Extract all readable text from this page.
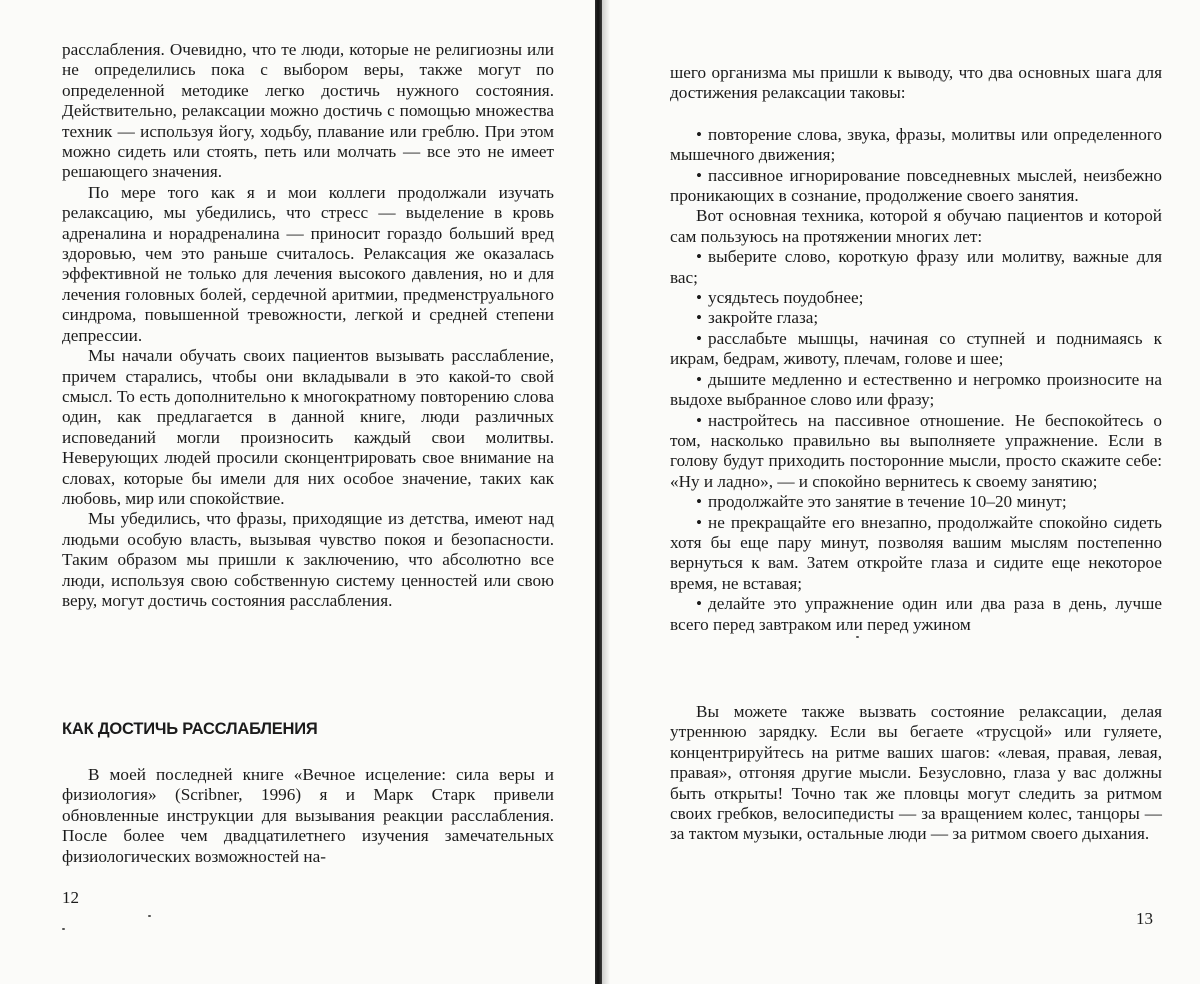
расслабления. Очевидно, что те люди, которые не религиозны или не определились пока с выбором веры, также могут по определенной методике легко достичь нужного состояния. Действительно, релаксации можно достичь с помощью множества техник — используя йогу, ходьбу, плавание или греблю. При этом можно сидеть или стоять, петь или молчать — все это не имеет решающего значения.

По мере того как я и мои коллеги продолжали изучать релаксацию, мы убедились, что стресс — выделение в кровь адреналина и норадреналина — приносит гораздо больший вред здоровью, чем это раньше считалось. Релаксация же оказалась эффективной не только для лечения высокого давления, но и для лечения головных болей, сердечной аритмии, предменструального синдрома, повышенной тревожности, легкой и средней степени депрессии.

Мы начали обучать своих пациентов вызывать расслабление, причем старались, чтобы они вкладывали в это какой-то свой смысл. То есть дополнительно к многократному повторению слова один, как предлагается в данной книге, люди различных исповеданий могли произносить каждый свои молитвы. Неверующих людей просили сконцентрировать свое внимание на словах, которые бы имели для них особое значение, таких как любовь, мир или спокойствие.

Мы убедились, что фразы, приходящие из детства, имеют над людьми особую власть, вызывая чувство покоя и безопасности. Таким образом мы пришли к заключению, что абсолютно все люди, используя свою собственную систему ценностей или свою веру, могут достичь состояния расслабления.

КАК ДОСТИЧЬ РАССЛАБЛЕНИЯ

В моей последней книге «Вечное исцеление: сила веры и физиология» (Scribner, 1996) я и Марк Старк привели обновленные инструкции для вызывания реакции расслабления. После более чем двадцатилетнего изучения замечательных физиологических возможностей на-

12

шего организма мы пришли к выводу, что два основных шага для достижения релаксации таковы:

• повторение слова, звука, фразы, молитвы или определенного мышечного движения;
• пассивное игнорирование повседневных мыслей, неизбежно проникающих в сознание, продолжение своего занятия.

Вот основная техника, которой я обучаю пациентов и которой сам пользуюсь на протяжении многих лет:

• выберите слово, короткую фразу или молитву, важные для вас;
• усядьтесь поудобнее;
• закройте глаза;
• расслабьте мышцы, начиная со ступней и поднимаясь к икрам, бедрам, животу, плечам, голове и шее;
• дышите медленно и естественно и негромко произносите на выдохе выбранное слово или фразу;
• настройтесь на пассивное отношение. Не беспокойтесь о том, насколько правильно вы выполняете упражнение. Если в голову будут приходить посторонние мысли, просто скажите себе: «Ну и ладно», — и спокойно вернитесь к своему занятию;
• продолжайте это занятие в течение 10–20 минут;
• не прекращайте его внезапно, продолжайте спокойно сидеть хотя бы еще пару минут, позволяя вашим мыслям постепенно вернуться к вам. Затем откройте глаза и сидите еще некоторое время, не вставая;
• делайте это упражнение один или два раза в день, лучше всего перед завтраком или перед ужином

Вы можете также вызвать состояние релаксации, делая утреннюю зарядку. Если вы бегаете «трусцой» или гуляете, концентрируйтесь на ритме ваших шагов: «левая, правая, левая, правая», отгоняя другие мысли. Безусловно, глаза у вас должны быть открыты! Точно так же пловцы могут следить за ритмом своих гребков, велосипедисты — за вращением колес, танцоры — за тактом музыки, остальные люди — за ритмом своего дыхания.

13
